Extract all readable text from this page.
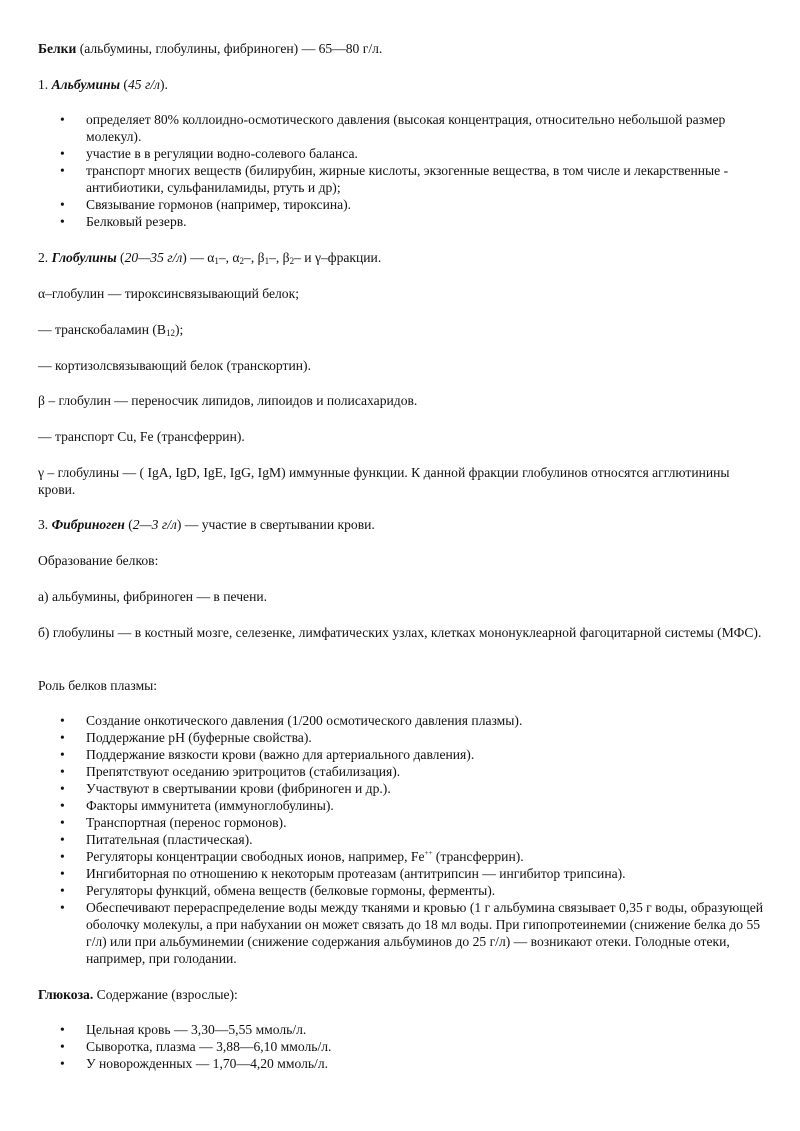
Белки (альбумины, глобулины, фибриноген) — 65—80 г/л.

1. Альбумины (45 г/л).

• определяет 80% коллоидно-осмотического давления (высокая концентрация, относительно небольшой размер молекул).
• участие в в регуляции водно-солевого баланса.
• транспорт многих веществ (билирубин, жирные кислоты, экзогенные вещества, в том числе и лекарственные - антибиотики, сульфаниламиды, ртуть и др);
• Связывание гормонов (например, тироксина).
• Белковый резерв.

2. Глобулины (20—35 г/л) — $\alpha_1-$, $\alpha_2-$, $\beta_1-$, $\beta_2-$ и γ–фракции.

α–глобулин — тироксинсвязывающий белок;

— транскобаламин $(B_{12})$;

— кортизолсвязывающий белок (транскортин).

β – глобулин — переносчик липидов, липоидов и полисахаридов.

— транспорт Cu, Fe (трансферрин).

γ – глобулины — ( IgA, IgD, IgE, IgG, IgM) иммунные функции. К данной фракции глобулинов относятся агглютинины крови.

3. Фибриноген (2—3 г/л) — участие в свертывании крови.

Образование белков:

а) альбумины, фибриноген — в печени.

б) глобулины — в костный мозге, селезенке, лимфатических узлах, клетках мононуклеарной фагоцитарной системы (МФС).

Роль белков плазмы:

• Создание онкотического давления (1/200 осмотического давления плазмы).
• Поддержание pH (буферные свойства).
• Поддержание вязкости крови (важно для артериального давления).
• Препятствуют оседанию эритроцитов (стабилизация).
• Участвуют в свертывании крови (фибриноген и др.).
• Факторы иммунитета (иммуноглобулины).
• Транспортная (перенос гормонов).
• Питательная (пластическая).
• Регуляторы концентрации свободных ионов, например, Fe++ (трансферрин).
• Ингибиторная по отношению к некоторым протеазам (антитрипсин — ингибитор трипсина).
• Регуляторы функций, обмена веществ (белковые гормоны, ферменты).
• Обеспечивают перераспределение воды между тканями и кровью (1 г альбумина связывает 0,35 г воды, образующей оболочку молекулы, а при набухании он может связать до 18 мл воды. При гипопротеинемии (снижение белка до 55 г/л) или при альбуминемии (снижение содержания альбуминов до 25 г/л) — возникают отеки. Голодные отеки, например, при голодании.

Глюкоза. Содержание (взрослые):

• Цельная кровь — 3,30—5,55 ммоль/л.
• Сыворотка, плазма — 3,88—6,10 ммоль/л.
• У новорожденных — 1,70—4,20 ммоль/л.
